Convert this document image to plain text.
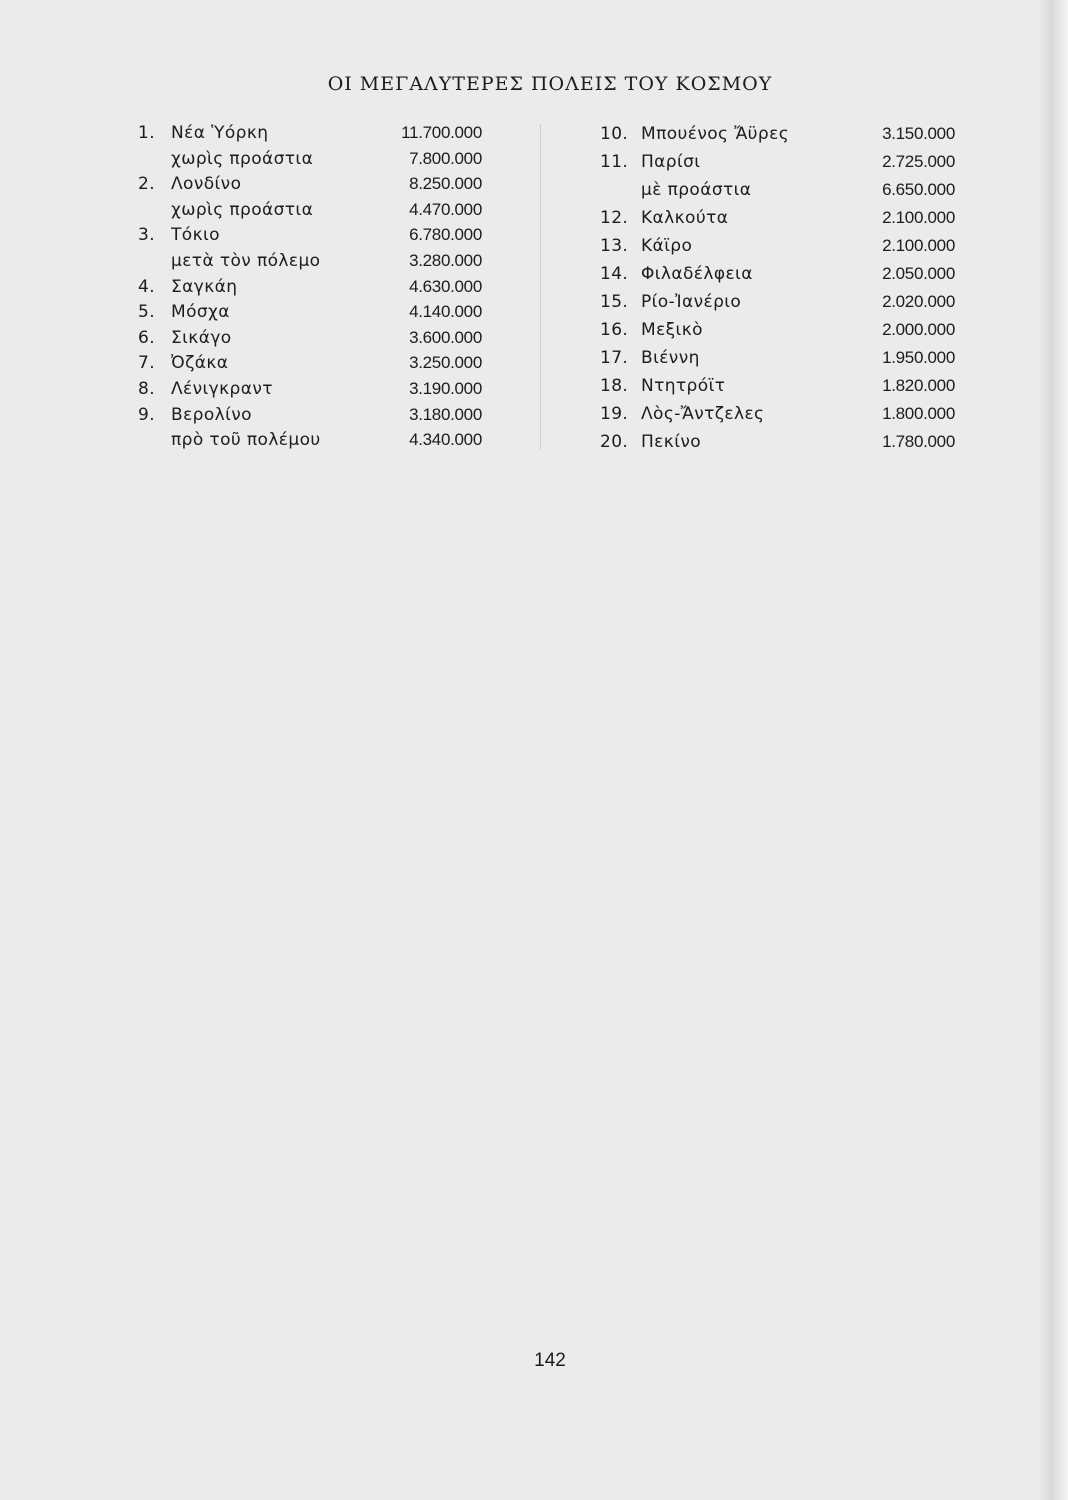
ΟΙ ΜΕΓΑΛΥΤΕΡΕΣ ΠΟΛΕΙΣ ΤΟΥ ΚΟΣΜΟΥ
1. Νέα Ὑόρκη	11.700.000
χωρὶς προάστια	7.800.000
2. Λονδίνο	8.250.000
χωρὶς προάστια	4.470.000
3. Τόκιο	6.780.000
μετὰ τὸν πόλεμο	3.280.000
4. Σαγκάη	4.630.000
5. Μόσχα	4.140.000
6. Σικάγο	3.600.000
7. Ὀζάκα	3.250.000
8. Λένιγκραντ	3.190.000
9. Βερολίνο	3.180.000
πρὸ τοῦ πολέμου	4.340.000
10. Μπουένος Ἄϋρες	3.150.000
11. Παρίσι	2.725.000
μὲ προάστια	6.650.000
12. Καλκούτα	2.100.000
13. Κάϊρο	2.100.000
14. Φιλαδέλφεια	2.050.000
15. Ρίο-Ἰανέριο	2.020.000
16. Μεξικὸ	2.000.000
17. Βιέννη	1.950.000
18. Ντητρόϊτ	1.820.000
19. Λὸς-Ἄντζελες	1.800.000
20. Πεκίνο	1.780.000
142
